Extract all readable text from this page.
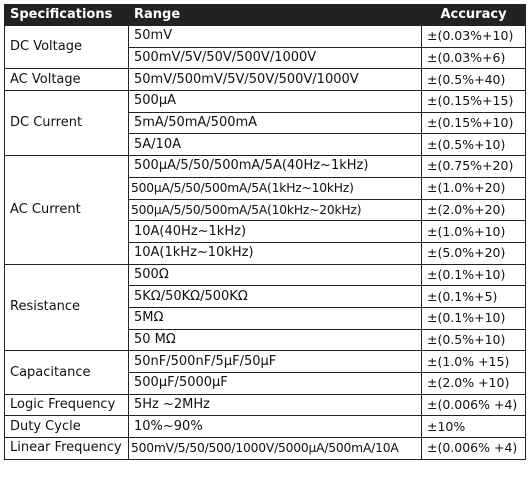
Specifications	Range	Accuracy
DC Voltage	50mV	±(0.03%+10)
	500mV/5V/50V/500V/1000V	±(0.03%+6)
AC Voltage	50mV/500mV/5V/50V/500V/1000V	±(0.5%+40)
DC Current	500µA	±(0.15%+15)
	5mA/50mA/500mA	±(0.15%+10)
	5A/10A	±(0.5%+10)
AC Current	500µA/5/50/500mA/5A(40Hz~1kHz)	±(0.75%+20)
	500µA/5/50/500mA/5A(1kHz~10kHz)	±(1.0%+20)
	500µA/5/50/500mA/5A(10kHz~20kHz)	±(2.0%+20)
	10A(40Hz~1kHz)	±(1.0%+10)
	10A(1kHz~10kHz)	±(5.0%+20)
Resistance	500Ω	±(0.1%+10)
	5KΩ/50KΩ/500KΩ	±(0.1%+5)
	5MΩ	±(0.1%+10)
	50 MΩ	±(0.5%+10)
Capacitance	50nF/500nF/5µF/50µF	±(1.0% +15)
	500µF/5000µF	±(2.0% +10)
Logic Frequency	5Hz ~2MHz	±(0.006% +4)
Duty Cycle	10%~90%	±10%
Linear Frequency	500mV/5/50/500/1000V/5000µA/500mA/10A	±(0.006% +4)
